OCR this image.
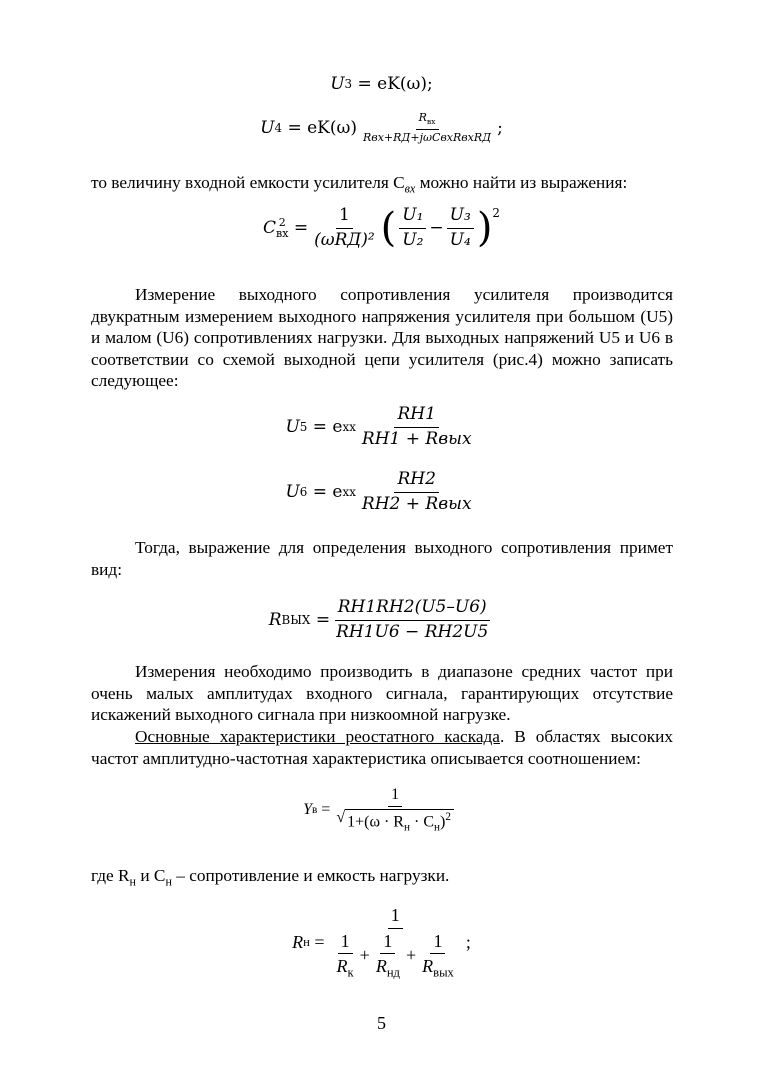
U 3
= eK(ω);
U 4
= $eK(\omega) \frac{R_{вх}}{\text{Rвх+RД+jωCвхRвхRД}}$ ;
то величину входной емкости усилителя $C_{вх}$ можно найти из выражения:
C 2
вх
= $\frac{1}{\text{(ωRД)²}}$ ( $\frac{\text{U₁}}{\text{U₂}} - \frac{\text{U₃}}{\text{U₄}} )^2$
Измерение выходного сопротивления усилителя производится двукратным измерением выходного напряжения усилителя при большом (U5) и малом (U6) сопротивлениях нагрузки. Для выходных напряжений U5 и U6 в соответствии со схемой выходной цепи усилителя (рис.4) можно записать следующее:
U 5
= e xx $\frac{RН1}{\text{RН1 + Rвых}}$
U 6
= e xx $\frac{RН2}{\text{RН2 + Rвых}}$
Тогда, выражение для определения выходного сопротивления примет вид:
R ВЫХ
= $\frac{RН1RН2(U5-U6)}{RН1U6 - RН2U5}$
Измерения необходимо производить в диапазоне средних частот при очень малых амплитудах входного сигнала, гарантирующих отсутствие искажений выходного сигнала при низкоомной нагрузке.
Основные характеристики реостатного каскада. В областях высоких частот амплитудно-частотная характеристика описывается соотношением:
Y в
= $\frac{1}{√ 1+(\omega \cdot R_н \cdot C_н)^2}$
где $R_н$ и $C_н$ – сопротивление и емкость нагрузки.
R н
= $\frac{1}{\frac{1}{R_к} + \frac{1}{R_{нд}} + \frac{1}{R_{вых}}}$ ;
5
